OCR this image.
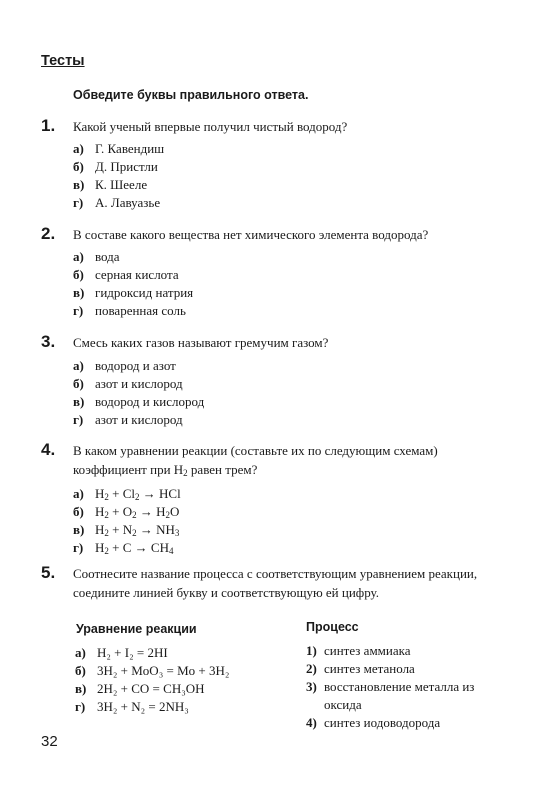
Тесты
Обведите буквы правильного ответа.
1. Какой ученый впервые получил чистый водород?
а) Г. Кавендиш
б) Д. Пристли
в) К. Шееле
г) А. Лавуазье
2. В составе какого вещества нет химического элемента водорода?
а) вода
б) серная кислота
в) гидроксид натрия
г) поваренная соль
3. Смесь каких газов называют гремучим газом?
а) водород и азот
б) азот и кислород
в) водород и кислород
г) азот и кислород
4. В каком уравнении реакции (составьте их по следующим схемам) коэффициент при $H_2$ равен трем?
а) $H_2 + Cl_2$ → HCl
б) $H_2 + O_2 \to H_2O$
в) $H_2 + N_2 \to NH_3$
г) $H_2 + C \to CH_4$
5. Соотнесите название процесса с соответствующим уравнением реакции, соедините линией букву и соответствующую ей цифру.
Уравнение реакции	Процесс
а) H₂ + I₂ = 2HI
б) 3H₂ + MoO₃ = Mo + 3H₂
в) 2H₂ + CO = CH₃OH
г) 3H₂ + N₂ = 2NH₃
1) синтез аммиака
2) синтез метанола
3) восстановление металла из
оксида
4) синтез иодоводорода
32
